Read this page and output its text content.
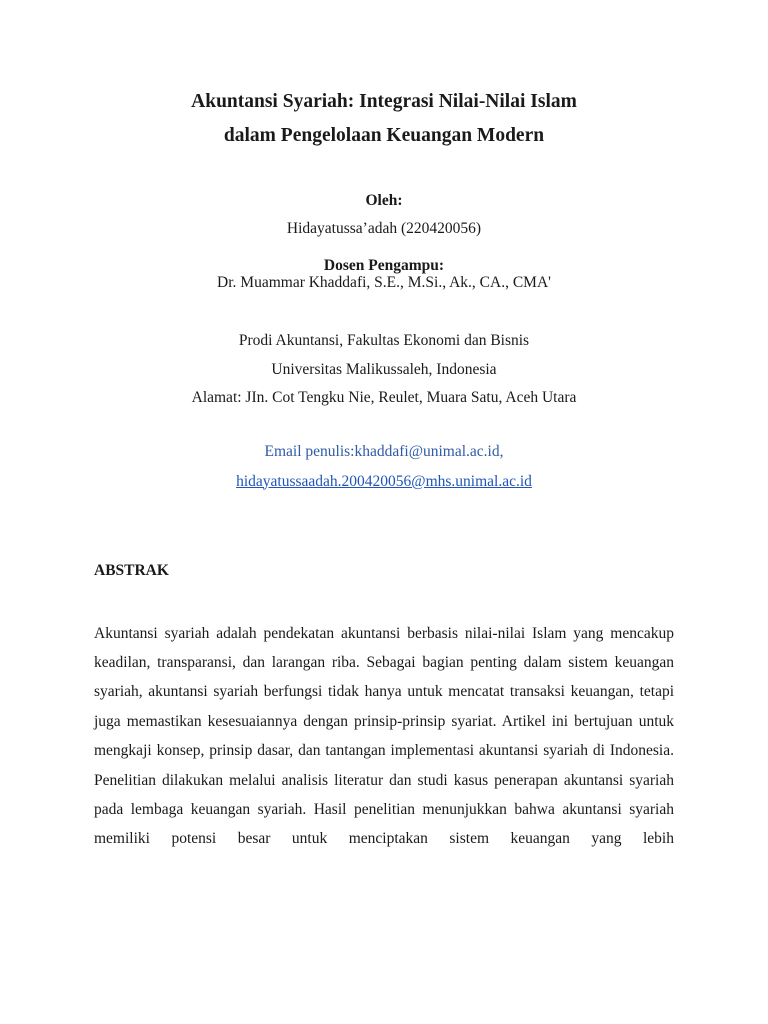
Akuntansi Syariah: Integrasi Nilai-Nilai Islam
dalam Pengelolaan Keuangan Modern
Oleh:
Hidayatussa’adah (220420056)
Dosen Pengampu:
Dr. Muammar Khaddafi, S.E., M.Si., Ak., CA., CMA'
Prodi Akuntansi, Fakultas Ekonomi dan Bisnis
Universitas Malikussaleh, Indonesia
Alamat: JIn. Cot Tengku Nie, Reulet, Muara Satu, Aceh Utara
Email penulis:khaddafi@unimal.ac.id,
hidayatussaadah.200420056@mhs.unimal.ac.id
ABSTRAK

Akuntansi syariah adalah pendekatan akuntansi berbasis nilai-nilai Islam yang mencakup keadilan, transparansi, dan larangan riba. Sebagai bagian penting dalam sistem keuangan syariah, akuntansi syariah berfungsi tidak hanya untuk mencatat transaksi keuangan, tetapi juga memastikan kesesuaiannya dengan prinsip-prinsip syariat. Artikel ini bertujuan untuk mengkaji konsep, prinsip dasar, dan tantangan implementasi akuntansi syariah di Indonesia. Penelitian dilakukan melalui analisis literatur dan studi kasus penerapan akuntansi syariah pada lembaga keuangan syariah. Hasil penelitian menunjukkan bahwa akuntansi syariah memiliki potensi besar untuk menciptakan sistem keuangan yang lebih
